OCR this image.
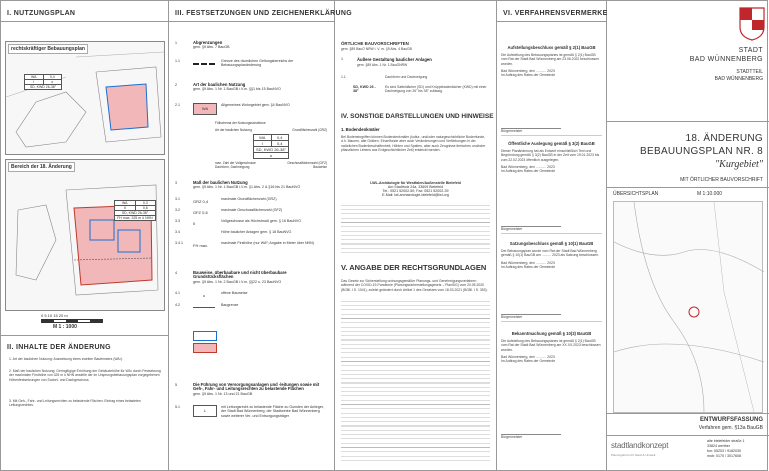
I. NUTZUNGSPLAN
rechtskräftiger Bebauungsplan
WA	0,4
I	o
SD, KWD 26-38°
Bereich der 18. Änderung
WA	0,3
II	0,6
SD, KWD 26-38°
FH max. 325 m ü NHN
0 5 10 15 20 m
M 1 : 1000
II. INHALTE DER ÄNDERUNG
1. Art der baulichen Nutzung: Ausweisung eines zweiten Baufensters (WA²).
2. Maß der baulichen Nutzung: Geringfügige Erhöhung der Gebäudehöhe für WA² durch Festsetzung der maximalen Firsthöhe von 325 m ü NHN anstelle der im Ursprungsbebauungsplan vorgegebenen Höhenfestsetzungen von Sockel- und Dachgeschoss.
3. Mit Geh-, Fahr- und Leitungsrechten zu belastende Flächen: Eintrag eines belasteten Leitungsrechtes.
III. FESTSETZUNGEN UND ZEICHENERKLÄRUNG
1	Abgrenzungen
gem. §9 Abs. 7 BauGB
1.1	Grenze des räumlichen Geltungsbereichs der Bebauungsplanänderung
2	Art der baulichen Nutzung
gem. §9 Abs. 1 Nr. 1 BauGB i.V.m. §§1 bis 15 BauNVO
2.1
WA
Allgemeines Wohngebiet gem. §4 BauNVO
Füllschema der Nutzungsschablone
Art der baulichen Nutzung	Grundflächenzahl (GRZ)
WA	0,4
I	0,4
SD, KWD 26-38°
o
max. Zahl der Vollgeschosse	Geschossflächenzahl (GFZ)
Dachform, Dachneigung	Bauweise
3	Maß der baulichen Nutzung
gem. §9 Abs. 1 Nr. 1 BauGB i.V.m. §1 Abs. 2 & §16 bis 21 BauNVO
3.1	GRZ 0,4	maximale Grundflächenzahl (GRZ)
3.2	GFZ 0,6	maximale Geschossflächenzahl (GFZ)
3.3	II	Vollgeschosse als Höchstmaß gem. § 16 BauNVO
3.4	Höhe baulicher Anlagen gem. § 18 BauNVO
3.4.1	FH max.	maximale Firsthöhe (nur WA²; Angabe in Meter über NHN)
4	Bauweise, überbaubare und nicht überbaubare Grundstücksflächen
gem. §9 Abs. 1 Nr. 2 BauGB i.V.m. §§22 u. 23 BauNVO
4.1	o	offene Bauweise
4.2	Baugrenze
5	Die Führung von Versorgungsanlagen und -leitungen sowie mit Geh-, Fahr- und Leitungsrechten zu belastende Flächen
gem. §9 Abs. 1 Nr. 13 und 21 BauGB
5.1
L
mit Leitungsrecht zu belastende Fläche zu Gunsten der Anlieger, der Stadt Bad Wünnenberg, der Stadtwerke Bad Wünnenberg sowie weiterer Ver- und Entsorgungsträger
ÖRTLICHE BAUVORSCHRIFTEN
gem. §89 BauO NRW i. V. m. §9 Abs. 4 BauGB
1	Äußere Gestaltung baulicher Anlagen
gem. §89 Abs. 1 Nr. 1 BauONRW
1.1	Dachform und Dachneigung
SD, KWD 26 - 38°
Es sind Satteldächer (SD) und Krüppelwalmdächer (KWD) mit einer Dachneigung von 26° bis 38° zulässig.
IV. SONSTIGE DARSTELLUNGEN UND HINWEISE
1. Bodendenkmäler
Bei Bodeneingriffen können Bodendenkmäler (kultur- und/oder naturgeschichtliche Bodenfunde, d.h. Mauern, alte Gräben, Einzelfunde aber auch Veränderungen und Verfärbungen in der natürlichen Bodenbeschaffenheit, Höhlen und Spalten, aber auch Zeugnisse tierischen und/oder pflanzlichen Lebens aus Erdgeschichtlicher Zeit) entdeckt werden.
LWL-Archäologie für Westfalen/Außenstelle Bielefeld
Am Stadtholz 24a, 33609 Bielefeld
Tel.: 0521 52002-50; Fax: 0521 52002-39
E-Mail: lwl-archaeologie-bielefeld@lwl.org
V. ANGABE DER RECHTSGRUNDLAGEN
Das Gesetz zur Sicherstellung ordnungsgemäßer Planungs- und Genehmigungsverfahren während der COVID-19-Pandemie (Planungssicherstellungsgesetz – PlanSiG) vom 20.05.2020 (BGBl. I S. 1041), zuletzt geändert durch Artikel 1 des Gesetzes vom 18.03.2021 (BGBl. I S. 353).
VI. VERFAHRENSVERMERKE
Aufstellungsbeschluss gemäß § 2(1) BauGB
Die Aufstellung des Bebauungsplanes ist gemäß § 2(1) BauGB vom Rat der Stadt Bad Wünnenberg am 23.06.2022 beschlossen worden.
Bad Wünnenberg, den ........... 2023
Im Auftrag des Rates der Gemeinde
Bürgermeister
Öffentliche Auslegung gemäß § 3(2) BauGB
Dieser Planänderung hat als Entwurf einschließlich Text und Begründung gemäß § 3(2) BauGB in der Zeit vom 19.01.2023 bis zum 22.02.2023 öffentlich ausgelegen.
Bad Wünnenberg, den ........... 2023
Im Auftrag des Rates der Gemeinde
Bürgermeister
Satzungsbeschluss gemäß § 10(1) BauGB
Der Bebauungsplan wurde vom Rat der Stadt Bad Wünnenberg gemäß § 10(1) BauGB am .......... 2023 als Satzung beschlossen.
Bad Wünnenberg, den ........... 2023
Im Auftrag des Rates der Gemeinde
Bürgermeister
Bekanntmachung gemäß § 10(3) BauGB
Die Aufstellung des Bebauungsplanes ist gemäß § 2(1) BauGB vom Rat der Stadt Bad Wünnenberg am XX.XX.2023 beschlossen worden.
Bad Wünnenberg, den ........... 2023
Im Auftrag des Rates der Gemeinde
Bürgermeister
STADT
BAD WÜNNENBERG
STADTTEIL
BAD WÜNNENBERG
18. ÄNDERUNG
BEBAUUNGSPLAN NR. 8
"Kurgebiet"
MIT ÖRTLICHER BAUVORSCHRIFT
ÜBERSICHTSPLAN	M 1:10.000
ENTWURFSFASSUNG
Verfahren gem. §13a BauGB
stadtlandkonzept
Planungsbüro für Stadt & Umwelt
alte bielefelder straße 1
33824 werther
fon: 05203 / 9182030
mob: 0170 / 3017608
